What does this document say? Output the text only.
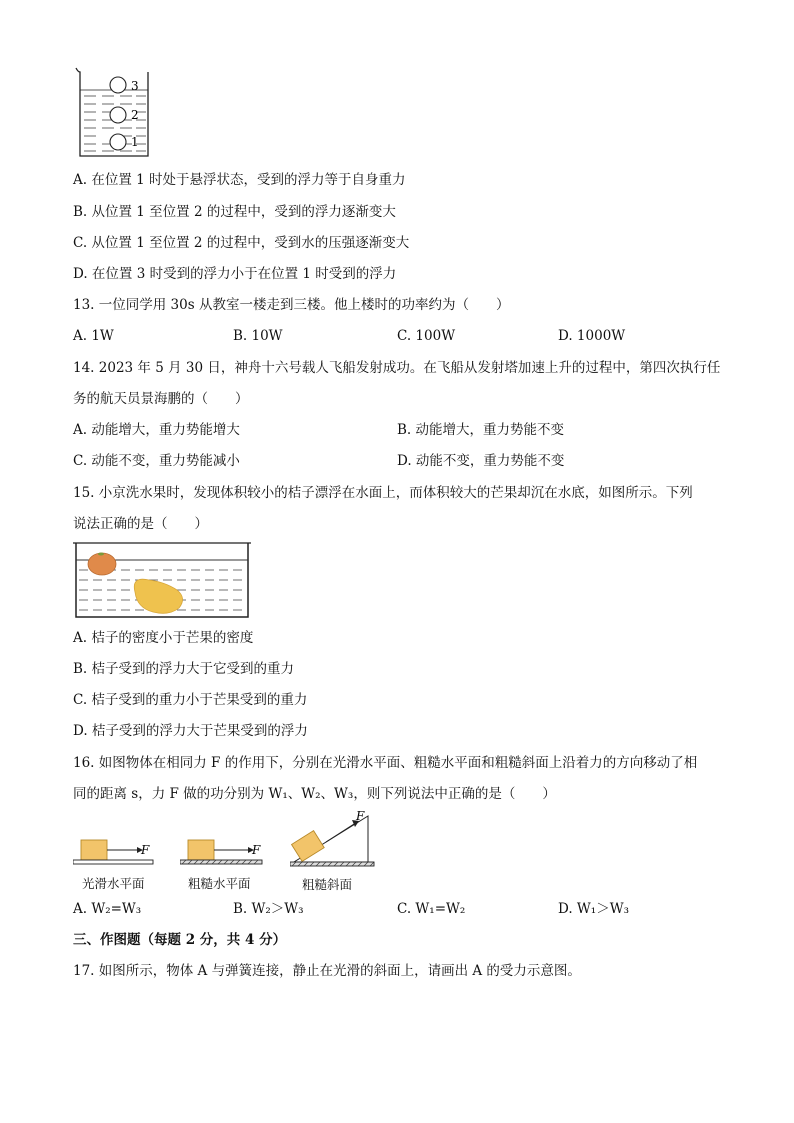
3
2
1
A. 在位置 1 时处于悬浮状态，受到的浮力等于自身重力
B. 从位置 1 至位置 2 的过程中，受到的浮力逐渐变大
C. 从位置 1 至位置 2 的过程中，受到水的压强逐渐变大
D. 在位置 3 时受到的浮力小于在位置 1 时受到的浮力
13. 一位同学用 30s 从教室一楼走到三楼。他上楼时的功率约为（　　）
A. 1W	B. 10W	C. 100W	D. 1000W
14. 2023 年 5 月 30 日，神舟十六号载人飞船发射成功。在飞船从发射塔加速上升的过程中，第四次执行任
务的航天员景海鹏的（　　）
A. 动能增大，重力势能增大	B. 动能增大，重力势能不变
C. 动能不变，重力势能减小	D. 动能不变，重力势能不变
15. 小京洗水果时，发现体积较小的桔子漂浮在水面上，而体积较大的芒果却沉在水底，如图所示。下列
说法正确的是（　　）
A. 桔子的密度小于芒果的密度
B. 桔子受到的浮力大于它受到的重力
C. 桔子受到的重力小于芒果受到的重力
D. 桔子受到的浮力大于芒果受到的浮力
16. 如图物体在相同力 F 的作用下，分别在光滑水平面、粗糙水平面和粗糙斜面上沿着力的方向移动了相
同的距离 s，力 F 做的功分别为 W₁、W₂、W₃，则下列说法中正确的是（　　）
F
光滑水平面
F
粗糙水平面
F
粗糙斜面
A. W₂=W₃	B. W₂＞W₃	C. W₁=W₂	D. W₁＞W₃
三、作图题（每题 2 分，共 4 分）
17. 如图所示，物体 A 与弹簧连接，静止在光滑的斜面上，请画出 A 的受力示意图。
